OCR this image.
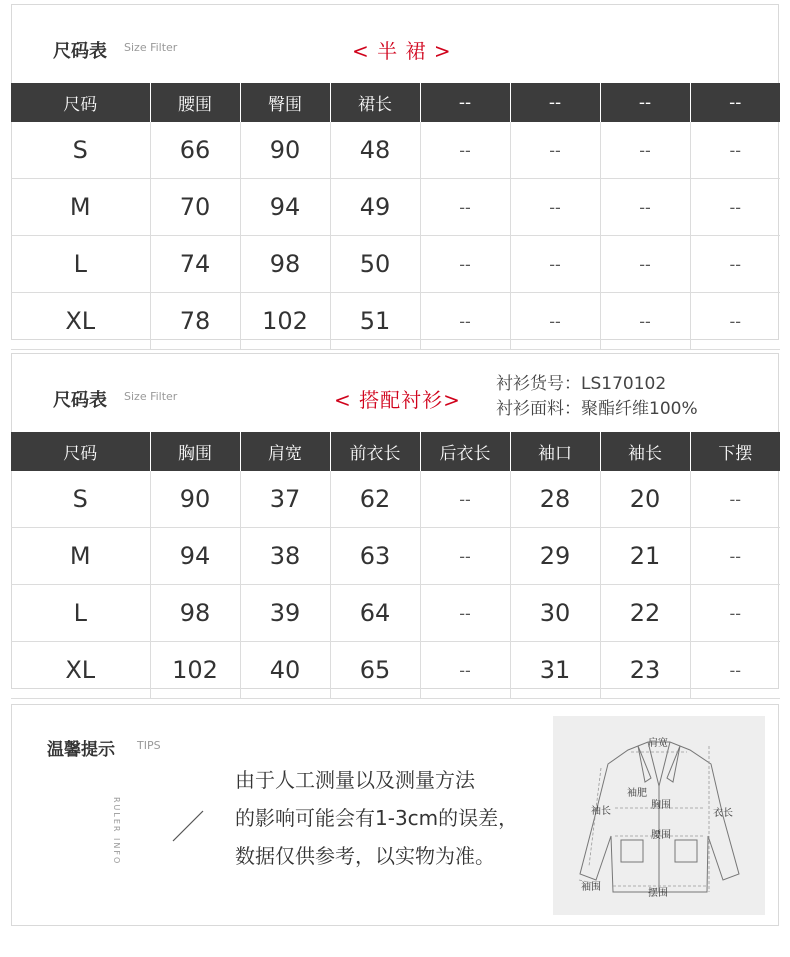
尺码表 Size Filter	< 半 裙 >
尺码	腰围	臀围	裙长	--	--	--	--
S	66	90	48	--	--	--	--
M	70	94	49	--	--	--	--
L	74	98	50	--	--	--	--
XL	78	102	51	--	--	--	--
尺码表 Size Filter	< 搭配衬衫>
衬衫货号：LS170102
衬衫面料：聚酯纤维100%
尺码	胸围	肩宽	前衣长	后衣长	袖口	袖长	下摆
S	90	37	62	--	28	20	--
M	94	38	63	--	29	21	--
L	98	39	64	--	30	22	--
XL	102	40	65	--	31	23	--
温馨提示 TIPS
RULER INFO
由于人工测量以及测量方法
的影响可能会有1-3cm的误差，
数据仅供参考，以实物为准。
肩宽
袖肥
胸围
袖长	衣长
腰围
袖围
摆围
